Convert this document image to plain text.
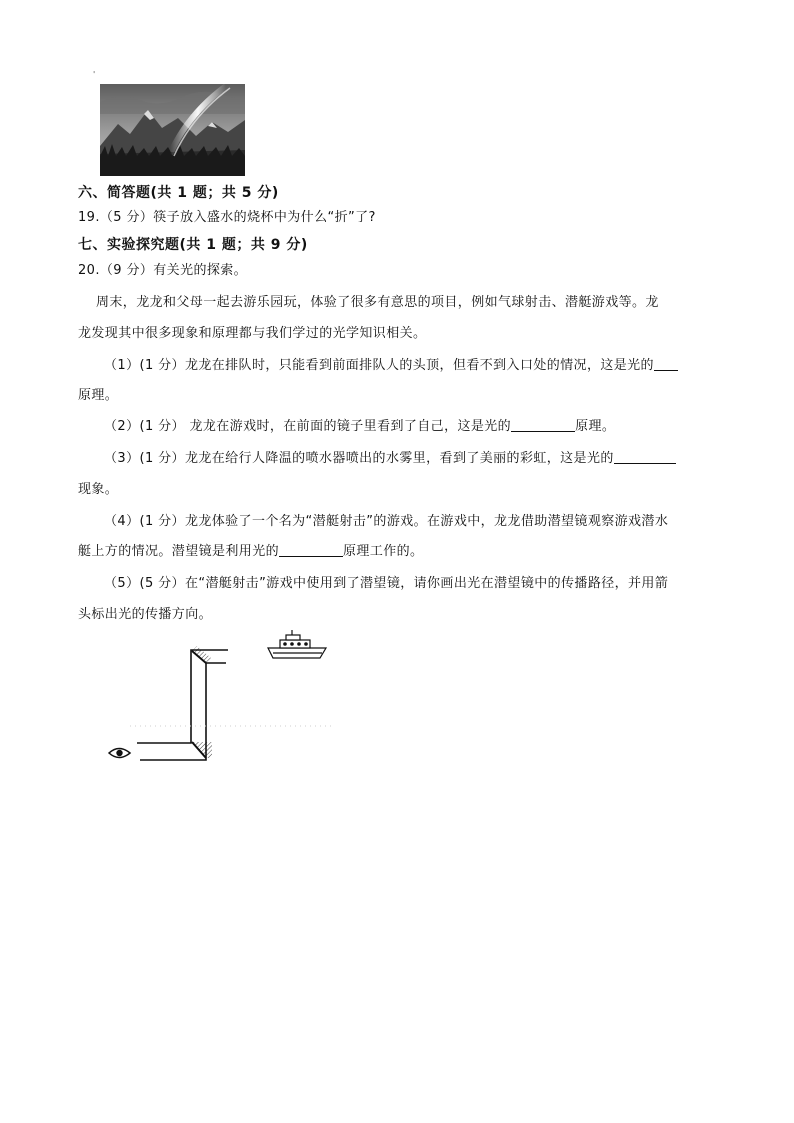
'
六、简答题(共 1 题；共 5 分)
19.（5 分）筷子放入盛水的烧杯中为什么“折”了?
七、实验探究题(共 1 题；共 9 分)
20.（9 分）有关光的探索。
周末，龙龙和父母一起去游乐园玩，体验了很多有意思的项目，例如气球射击、潜艇游戏等。龙
龙发现其中很多现象和原理都与我们学过的光学知识相关。
（1）(1 分）龙龙在排队时，只能看到前面排队人的头顶，但看不到入口处的情况，这是光的
原理。
（2）(1 分） 龙龙在游戏时，在前面的镜子里看到了自己，这是光的	原理。
（3）(1 分）龙龙在给行人降温的喷水器喷出的水雾里，看到了美丽的彩虹，这是光的
现象。
（4）(1 分）龙龙体验了一个名为“潜艇射击”的游戏。在游戏中，龙龙借助潜望镜观察游戏潜水
艇上方的情况。潜望镜是利用光的	原理工作的。
（5）(5 分）在“潜艇射击”游戏中使用到了潜望镜，请你画出光在潜望镜中的传播路径，并用箭
头标出光的传播方向。
